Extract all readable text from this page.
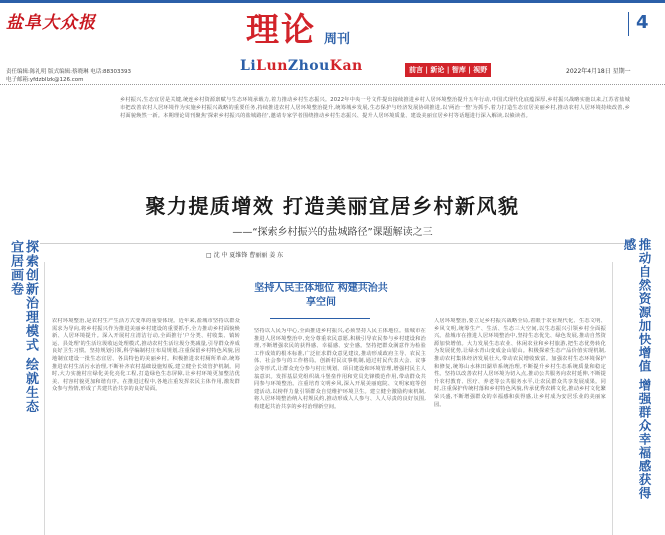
盐阜大众报	4
理论 周刊
LiLunZhouKan	前言 | 新论 | 智库 | 视野
责任编辑:陈礼明 版式编辑:蔡晓琳 电话:88303393
电子邮箱:yfdzbllzk@126.com
2022年4月18日 星期一
乡村振兴,生态宜居是关键,统连乡村资源禀赋与生态环境承载力,着力推动乡村生态振兴。2022年中央一号文件提出接续推进乡村人居环境整治提升五年行动,中国式现代化底蕴深厚,乡村振兴战略实施以来,江苏省盐城市把改善农村人居环境作为实施乡村振兴战略的重要任务,持续推进农村人居环境整治提升,统筹城乡发展,生态保护与经济发展协调推进,以'两治一整'为抓手,着力打造生态宜居美丽乡村,推动农村人居环境持续改善,乡村面貌焕然一新。本期理论周刊聚焦'探索乡村振兴的盐城路径',邀请专家学者围绕推动乡村生态振兴、提升人居环境质量、建设美丽宜居乡村等话题进行深入解读,以飨读者。
聚力提质增效 打造美丽宜居乡村新风貌
——“探索乡村振兴的盐城路径”课题解读之三
□ 沈 中 夏维锋 曹丽丽 姜 东
探索创新治理模式 绘就生态宜居画卷	推动自然资源加快增值 增强群众幸福感获得感
坚持人民主体地位 构建共治共享空间
农村环境整治,是农村生产生活方式变革的重要体现。近年来,盐城市坚持以群众需求为导向,将乡村振兴作为推进美丽乡村建设的重要抓手,全力推动乡村面貌焕新、人居环境提升。深入开展村庄清洁行动,全面推行'户分类、村收集、镇转运、县处理'的生活垃圾收运处理模式,推动农村生活垃圾分类减量,引导群众养成良好卫生习惯。坚持规划引领,科学编制村庄布局规划,注重保留乡村特色风貌,因地制宜建设一批生态宜居、各具特色的美丽乡村。积极推进农村厕所革命,统筹推进农村生活污水治理,不断补齐农村基础设施短板,建立健全长效管护机制。同时,大力实施村庄绿化美化亮化工程,打造绿色生态屏障,让乡村环境更加整洁优美、村容村貌更加和谐有序。在推进过程中,各地注重发挥农民主体作用,激发群众参与热情,形成了共建共治共享的良好局面。
坚持以人民为中心,全面推进乡村振兴,必须坚持人民主体地位。盐城市在推进人居环境整治中,充分尊重农民意愿,积极引导农民参与乡村建设和治理,不断增强农民的获得感、幸福感、安全感。坚持把群众满意作为检验工作成效的根本标准,广泛征求群众意见建议,推动形成政府主导、农民主体、社会参与的工作格局。创新村民议事机制,通过村民代表大会、议事会等形式,让群众充分参与村庄规划、项目建设和环境管理,增强村民主人翁意识。发挥基层党组织战斗堡垒作用和党员先锋模范作用,带动群众共同参与环境整治。注重培育文明乡风,深入开展美丽庭院、文明家庭等创建活动,以榜样力量引领群众自觉维护环境卫生。建立健全激励约束机制,将人居环境整治纳入村规民约,推动形成人人参与、人人尽责的良好氛围,构建起共治共享的乡村治理新空间。
人居环境整治,要立足乡村振兴战略全局,着眼于农业现代化、生态文明、乡风文明,统筹生产、生活、生态三大空间,以生态振兴引领乡村全面振兴。盐城市在推进人居环境整治中,坚持生态优先、绿色发展,推动自然资源加快增值。大力发展生态农业、休闲农业和乡村旅游,把生态优势转化为发展优势,让绿水青山变成金山银山。积极探索生态产品价值实现机制,推动农村集体经济发展壮大,带动农民增收致富。加强农村生态环境保护和修复,统筹山水林田湖草系统治理,不断提升乡村生态系统质量和稳定性。坚持以改善农村人居环境为切入点,推动公共服务向农村延伸,不断提升农村教育、医疗、养老等公共服务水平,让农民群众共享发展成果。同时,注重保护传统村落和乡村特色风貌,传承优秀农耕文化,推动乡村文化繁荣兴盛,不断增强群众的幸福感和获得感,让乡村成为安居乐业的美丽家园。
